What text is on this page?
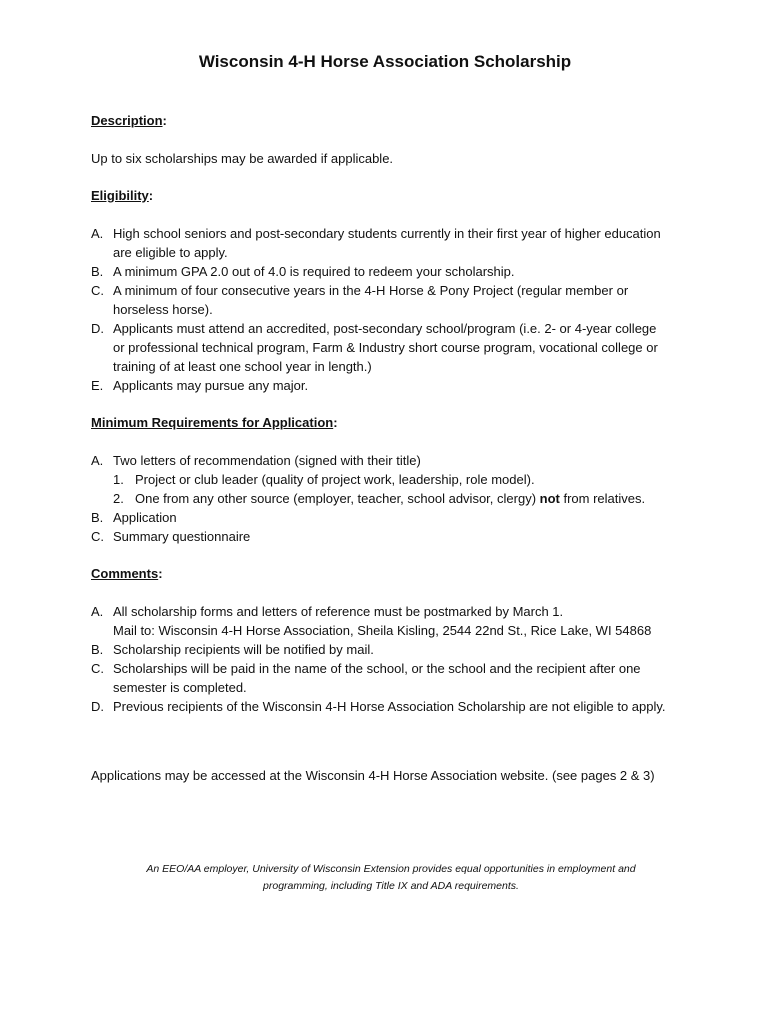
Wisconsin 4-H Horse Association Scholarship
Description:

Up to six scholarships may be awarded if applicable.

Eligibility:
A. High school seniors and post-secondary students currently in their first year of higher education are eligible to apply.
B. A minimum GPA 2.0 out of 4.0 is required to redeem your scholarship.
C. A minimum of four consecutive years in the 4-H Horse & Pony Project (regular member or horseless horse).
D. Applicants must attend an accredited, post-secondary school/program (i.e. 2- or 4-year college or professional technical program, Farm & Industry short course program, vocational college or training of at least one school year in length.)
E. Applicants may pursue any major.
Minimum Requirements for Application:
A. Two letters of recommendation (signed with their title)
1. Project or club leader (quality of project work, leadership, role model).
2. One from any other source (employer, teacher, school advisor, clergy) not from relatives.
B. Application
C. Summary questionnaire
Comments:
A. All scholarship forms and letters of reference must be postmarked by March 1.
Mail to: Wisconsin 4-H Horse Association, Sheila Kisling, 2544 22nd St., Rice Lake, WI 54868
B. Scholarship recipients will be notified by mail.
C. Scholarships will be paid in the name of the school, or the school and the recipient after one semester is completed.
D. Previous recipients of the Wisconsin 4-H Horse Association Scholarship are not eligible to apply.
Applications may be accessed at the Wisconsin 4-H Horse Association website. (see pages 2 & 3)
An EEO/AA employer, University of Wisconsin Extension provides equal opportunities in employment and
programming, including Title IX and ADA requirements.
